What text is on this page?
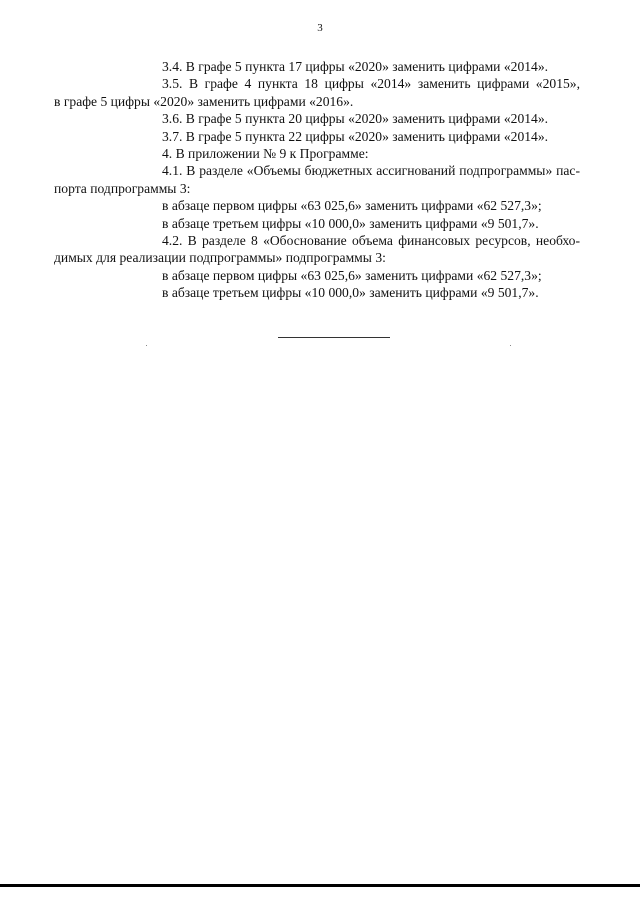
3
3.4. В графе 5 пункта 17 цифры «2020» заменить цифрами «2014».
3.5. В графе 4 пункта 18 цифры «2014» заменить цифрами «2015»,
в графе 5 цифры «2020» заменить цифрами «2016».
3.6. В графе 5 пункта 20 цифры «2020» заменить цифрами «2014».
3.7. В графе 5 пункта 22 цифры «2020» заменить цифрами «2014».
4. В приложении № 9 к Программе:
4.1. В разделе «Объемы бюджетных ассигнований подпрограммы» пас-
порта подпрограммы 3:
в абзаце первом цифры «63 025,6» заменить цифрами «62 527,3»;
в абзаце третьем цифры «10 000,0» заменить цифрами «9 501,7».
4.2. В разделе 8 «Обоснование объема финансовых ресурсов, необхо-
димых для реализации подпрограммы» подпрограммы 3:
в абзаце первом цифры «63 025,6» заменить цифрами «62 527,3»;
в абзаце третьем цифры «10 000,0» заменить цифрами «9 501,7».
